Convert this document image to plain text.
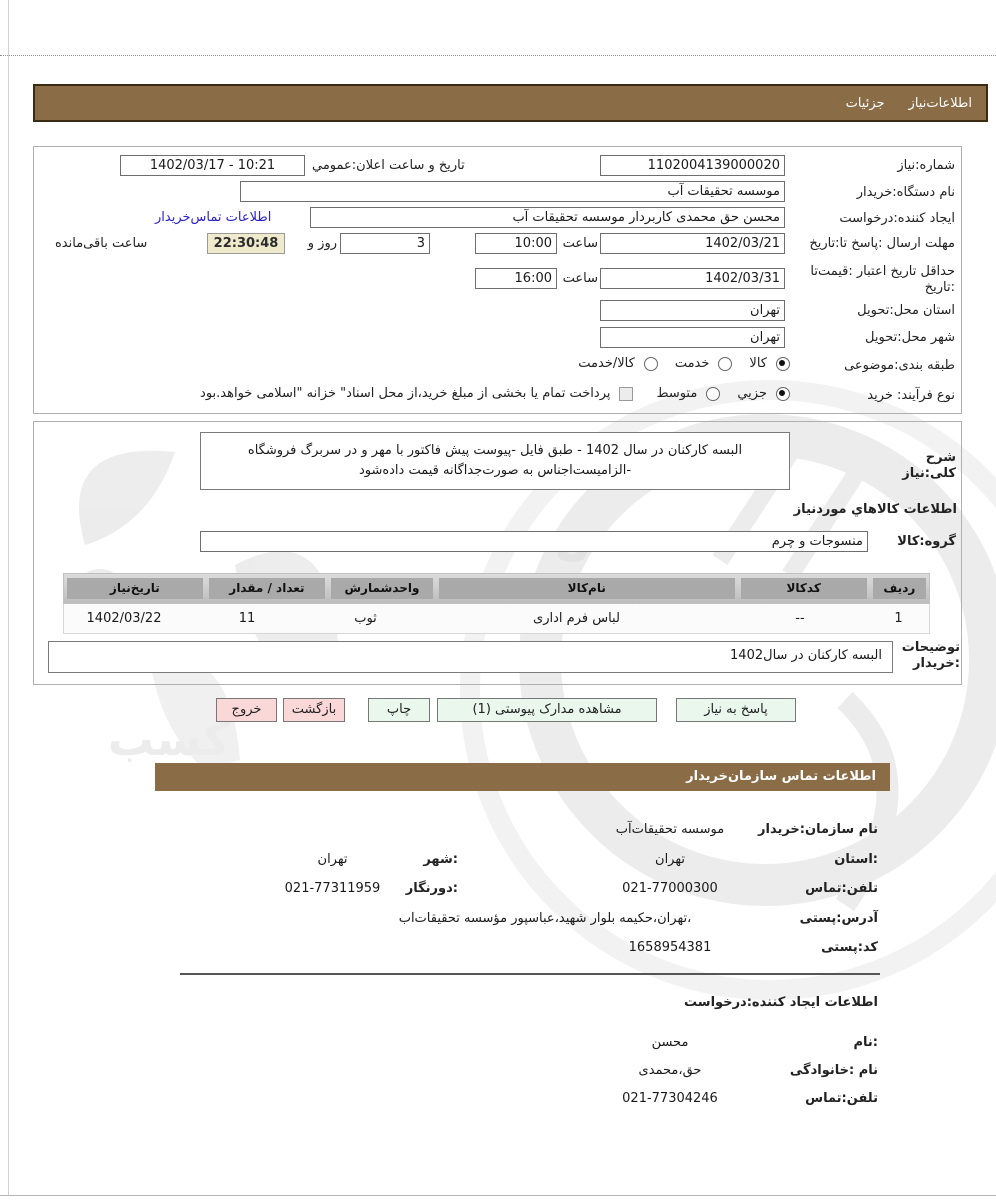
کسب
اطلاعات‌نیاز
جزئیات
شماره:نیاز
1102004139000020
تاریخ و ساعت اعلان:عمومي
1402/03/17 - 10:21
نام دستگاه:خریدار
موسسه تحقیقات آب
ایجاد کننده:درخواست
محسن حق محمدی کاربردار موسسه تحقیقات آب
اطلاعات تماس‌خریدار
مهلت ارسال :پاسخ تا:تاریخ
1402/03/21
ساعت
10:00
3
روز و
22:30:48
ساعت باقی‌مانده
حداقل تاریخ اعتبار :قیمت‌تا :تاریخ
1402/03/31
ساعت
16:00
استان محل:تحویل
تهران
شهر محل:تحویل
تهران
طبقه بندی:موضوعی
کالا
خدمت
کالا/خدمت
نوع فرآیند: خرید
جزیي
متوسط
پرداخت تمام یا بخشی از مبلغ خرید،از محل اسناد" خزانه "اسلامی خواهد.بود
شرح کلی:نیاز
البسه کارکنان در سال 1402 - طبق فایل -پیوست پیش فاکتور با مهر و در سربرگ فروشگاه -الزامیست‌اجناس به صورت‌جداگانه قیمت داده‌شود
اطلاعات کالاهاي موردنیاز
گروه:کالا
منسوجات و چرم
ردیف
کدکالا
نام‌کالا
واحدشمارش
تعداد / مقدار
تاریخ‌نیاز
1
--
لباس فرم اداری
ثوب
11
1402/03/22
توضیحات :خریدار
البسه کارکنان در سال1402
پاسخ به نیاز
مشاهده مدارک پیوستی (1)
چاپ
بازگشت
خروج
اطلاعات تماس سازمان‌خریدار
نام سازمان:خریدار
موسسه تحقیقات‌آب
:استان
تهران
:شهر
تهران
تلفن:تماس
021-77000300
:دورنگار
021-77311959
آدرس:پستی
،تهران،حکیمه بلوار شهید،عباسپور مؤسسه تحقیقات‌آب
کد:پستی
1658954381
اطلاعات ایجاد کننده:درخواست
:نام
محسن
نام :خانوادگی
حق،محمدی
تلفن:تماس
021-77304246
